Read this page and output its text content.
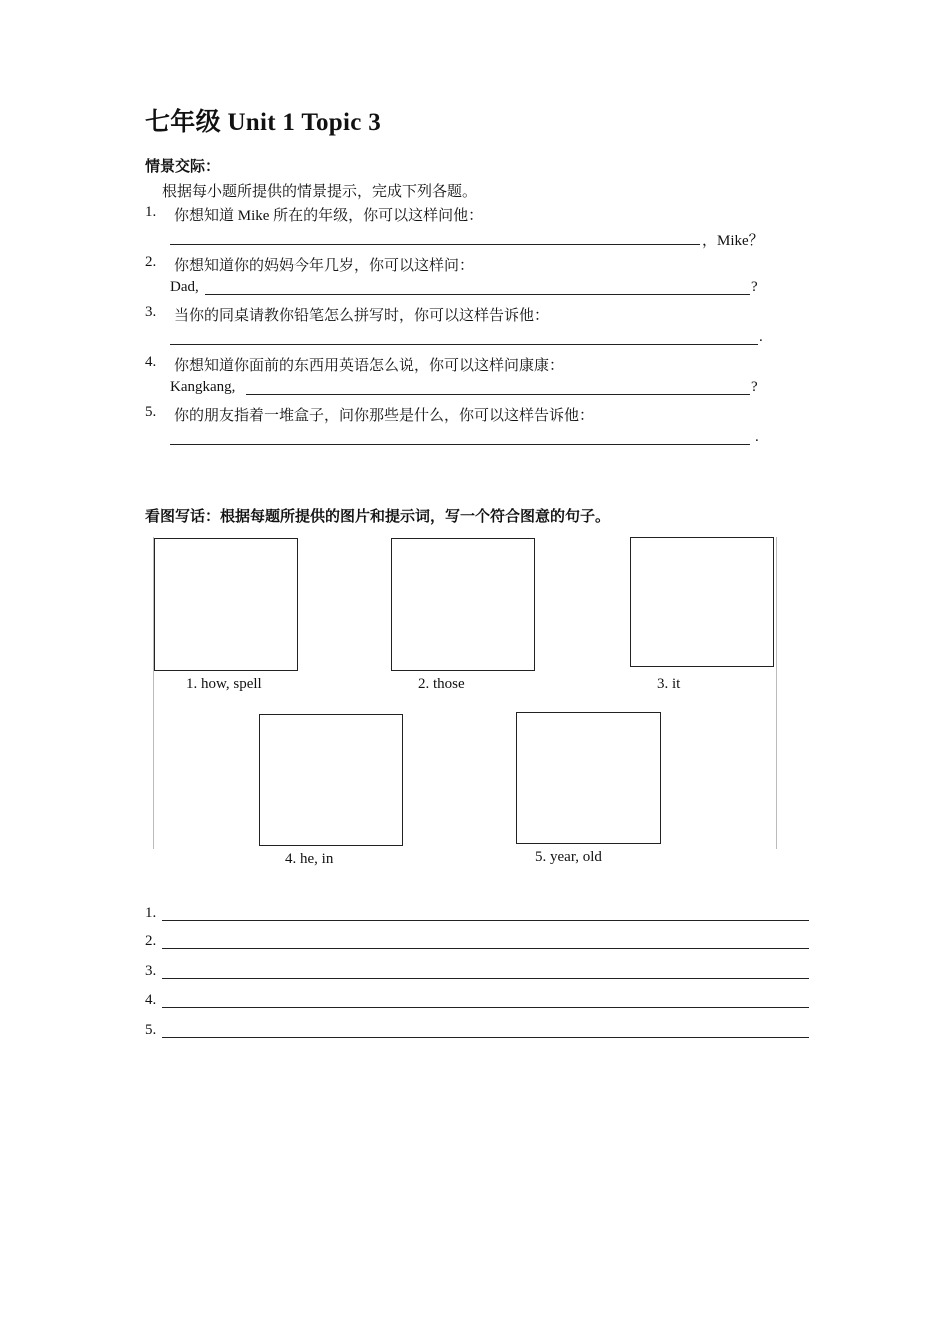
七年级 Unit 1 Topic 3
情景交际：
根据每小题所提供的情景提示，完成下列各题。
1. 你想知道 Mike 所在的年级，你可以这样问他：
，Mike？
2. 你想知道你的妈妈今年几岁，你可以这样问：
Dad,	?
3. 当你的同桌请教你铅笔怎么拼写时，你可以这样告诉他：
.
4. 你想知道你面前的东西用英语怎么说，你可以这样问康康：
Kangkang,	?
5. 你的朋友指着一堆盒子，问你那些是什么，你可以这样告诉他：
.
看图写话：根据每题所提供的图片和提示词，写一个符合图意的句子。
1. how, spell	2. those	3. it
4. he, in	5. year, old
1.
2.
3.
4.
5.
